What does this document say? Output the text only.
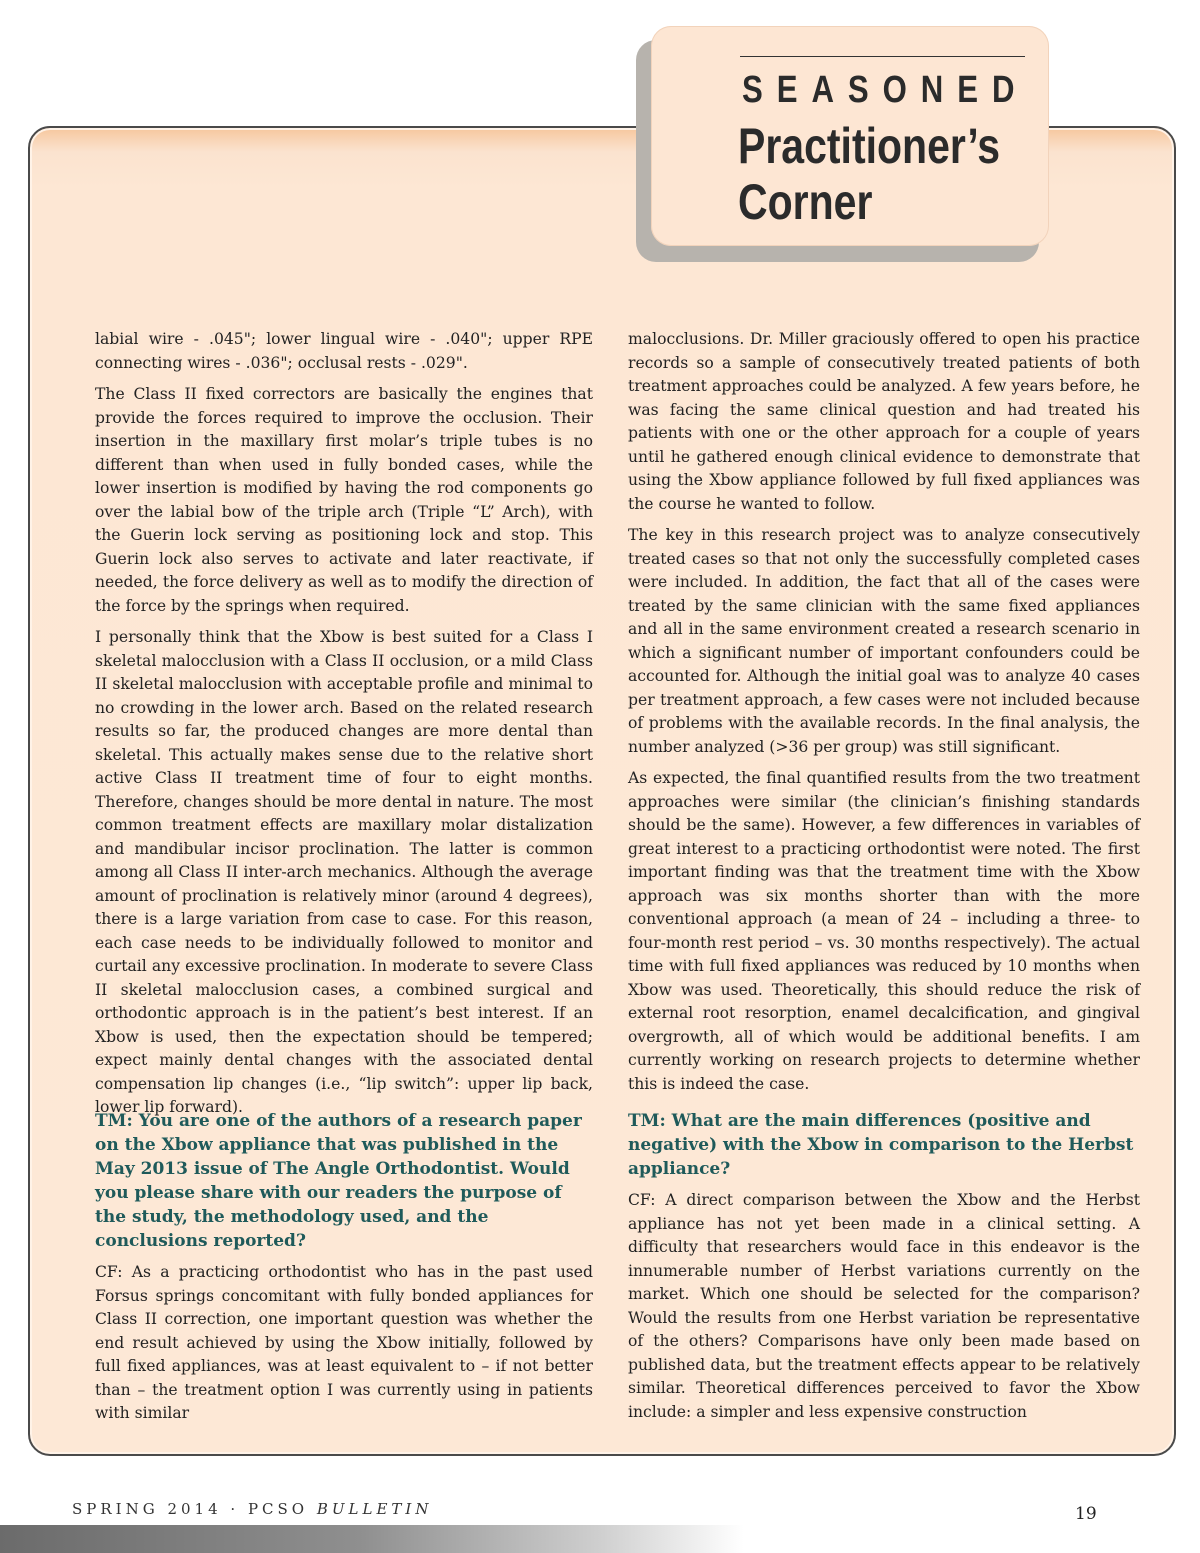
SEASONED
Practitioner’s
Corner

labial wire - .045"; lower lingual wire - .040"; upper RPE connecting wires - .036"; occlusal rests - .029".

The Class II fixed correctors are basically the engines that provide the forces required to improve the occlusion. Their insertion in the maxillary first molar’s triple tubes is no different than when used in fully bonded cases, while the lower insertion is modified by having the rod components go over the labial bow of the triple arch (Triple “L” Arch), with the Guerin lock serving as positioning lock and stop. This Guerin lock also serves to activate and later reactivate, if needed, the force delivery as well as to modify the direction of the force by the springs when required.

I personally think that the Xbow is best suited for a Class I skeletal malocclusion with a Class II occlusion, or a mild Class II skeletal malocclusion with acceptable profile and minimal to no crowding in the lower arch. Based on the related research results so far, the produced changes are more dental than skeletal. This actually makes sense due to the relative short active Class II treatment time of four to eight months. Therefore, changes should be more dental in nature. The most common treatment effects are maxillary molar distalization and mandibular incisor proclination. The latter is common among all Class II inter-arch mechanics. Although the average amount of proclination is relatively minor (around 4 degrees), there is a large variation from case to case. For this reason, each case needs to be individually followed to monitor and curtail any excessive proclination. In moderate to severe Class II skeletal malocclusion cases, a combined surgical and orthodontic approach is in the patient’s best interest. If an Xbow is used, then the expectation should be tempered; expect mainly dental changes with the associated dental compensation lip changes (i.e., “lip switch”: upper lip back, lower lip forward).

malocclusions. Dr. Miller graciously offered to open his practice records so a sample of consecutively treated patients of both treatment approaches could be analyzed. A few years before, he was facing the same clinical question and had treated his patients with one or the other approach for a couple of years until he gathered enough clinical evidence to demonstrate that using the Xbow appliance followed by full fixed appliances was the course he wanted to follow.

The key in this research project was to analyze consecutively treated cases so that not only the successfully completed cases were included. In addition, the fact that all of the cases were treated by the same clinician with the same fixed appliances and all in the same environment created a research scenario in which a significant number of important confounders could be accounted for. Although the initial goal was to analyze 40 cases per treatment approach, a few cases were not included because of problems with the available records. In the final analysis, the number analyzed (>36 per group) was still significant.

As expected, the final quantified results from the two treatment approaches were similar (the clinician’s finishing standards should be the same). However, a few differences in variables of great interest to a practicing orthodontist were noted. The first important finding was that the treatment time with the Xbow approach was six months shorter than with the more conventional approach (a mean of 24 – including a three- to four-month rest period – vs. 30 months respectively). The actual time with full fixed appliances was reduced by 10 months when Xbow was used. Theoretically, this should reduce the risk of external root resorption, enamel decalcification, and gingival overgrowth, all of which would be additional benefits. I am currently working on research projects to determine whether this is indeed the case.

TM: You are one of the authors of a research paper on the Xbow appliance that was published in the May 2013 issue of The Angle Orthodontist. Would you please share with our readers the purpose of the study, the methodology used, and the conclusions reported?

CF: As a practicing orthodontist who has in the past used Forsus springs concomitant with fully bonded appliances for Class II correction, one important question was whether the end result achieved by using the Xbow initially, followed by full fixed appliances, was at least equivalent to – if not better than – the treatment option I was currently using in patients with similar

TM: What are the main differences (positive and negative) with the Xbow in comparison to the Herbst appliance?

CF: A direct comparison between the Xbow and the Herbst appliance has not yet been made in a clinical setting. A difficulty that researchers would face in this endeavor is the innumerable number of Herbst variations currently on the market. Which one should be selected for the comparison? Would the results from one Herbst variation be representative of the others? Comparisons have only been made based on published data, but the treatment effects appear to be relatively similar. Theoretical differences perceived to favor the Xbow include: a simpler and less expensive construction

SPRING 2014 · PCSO BULLETIN	19
